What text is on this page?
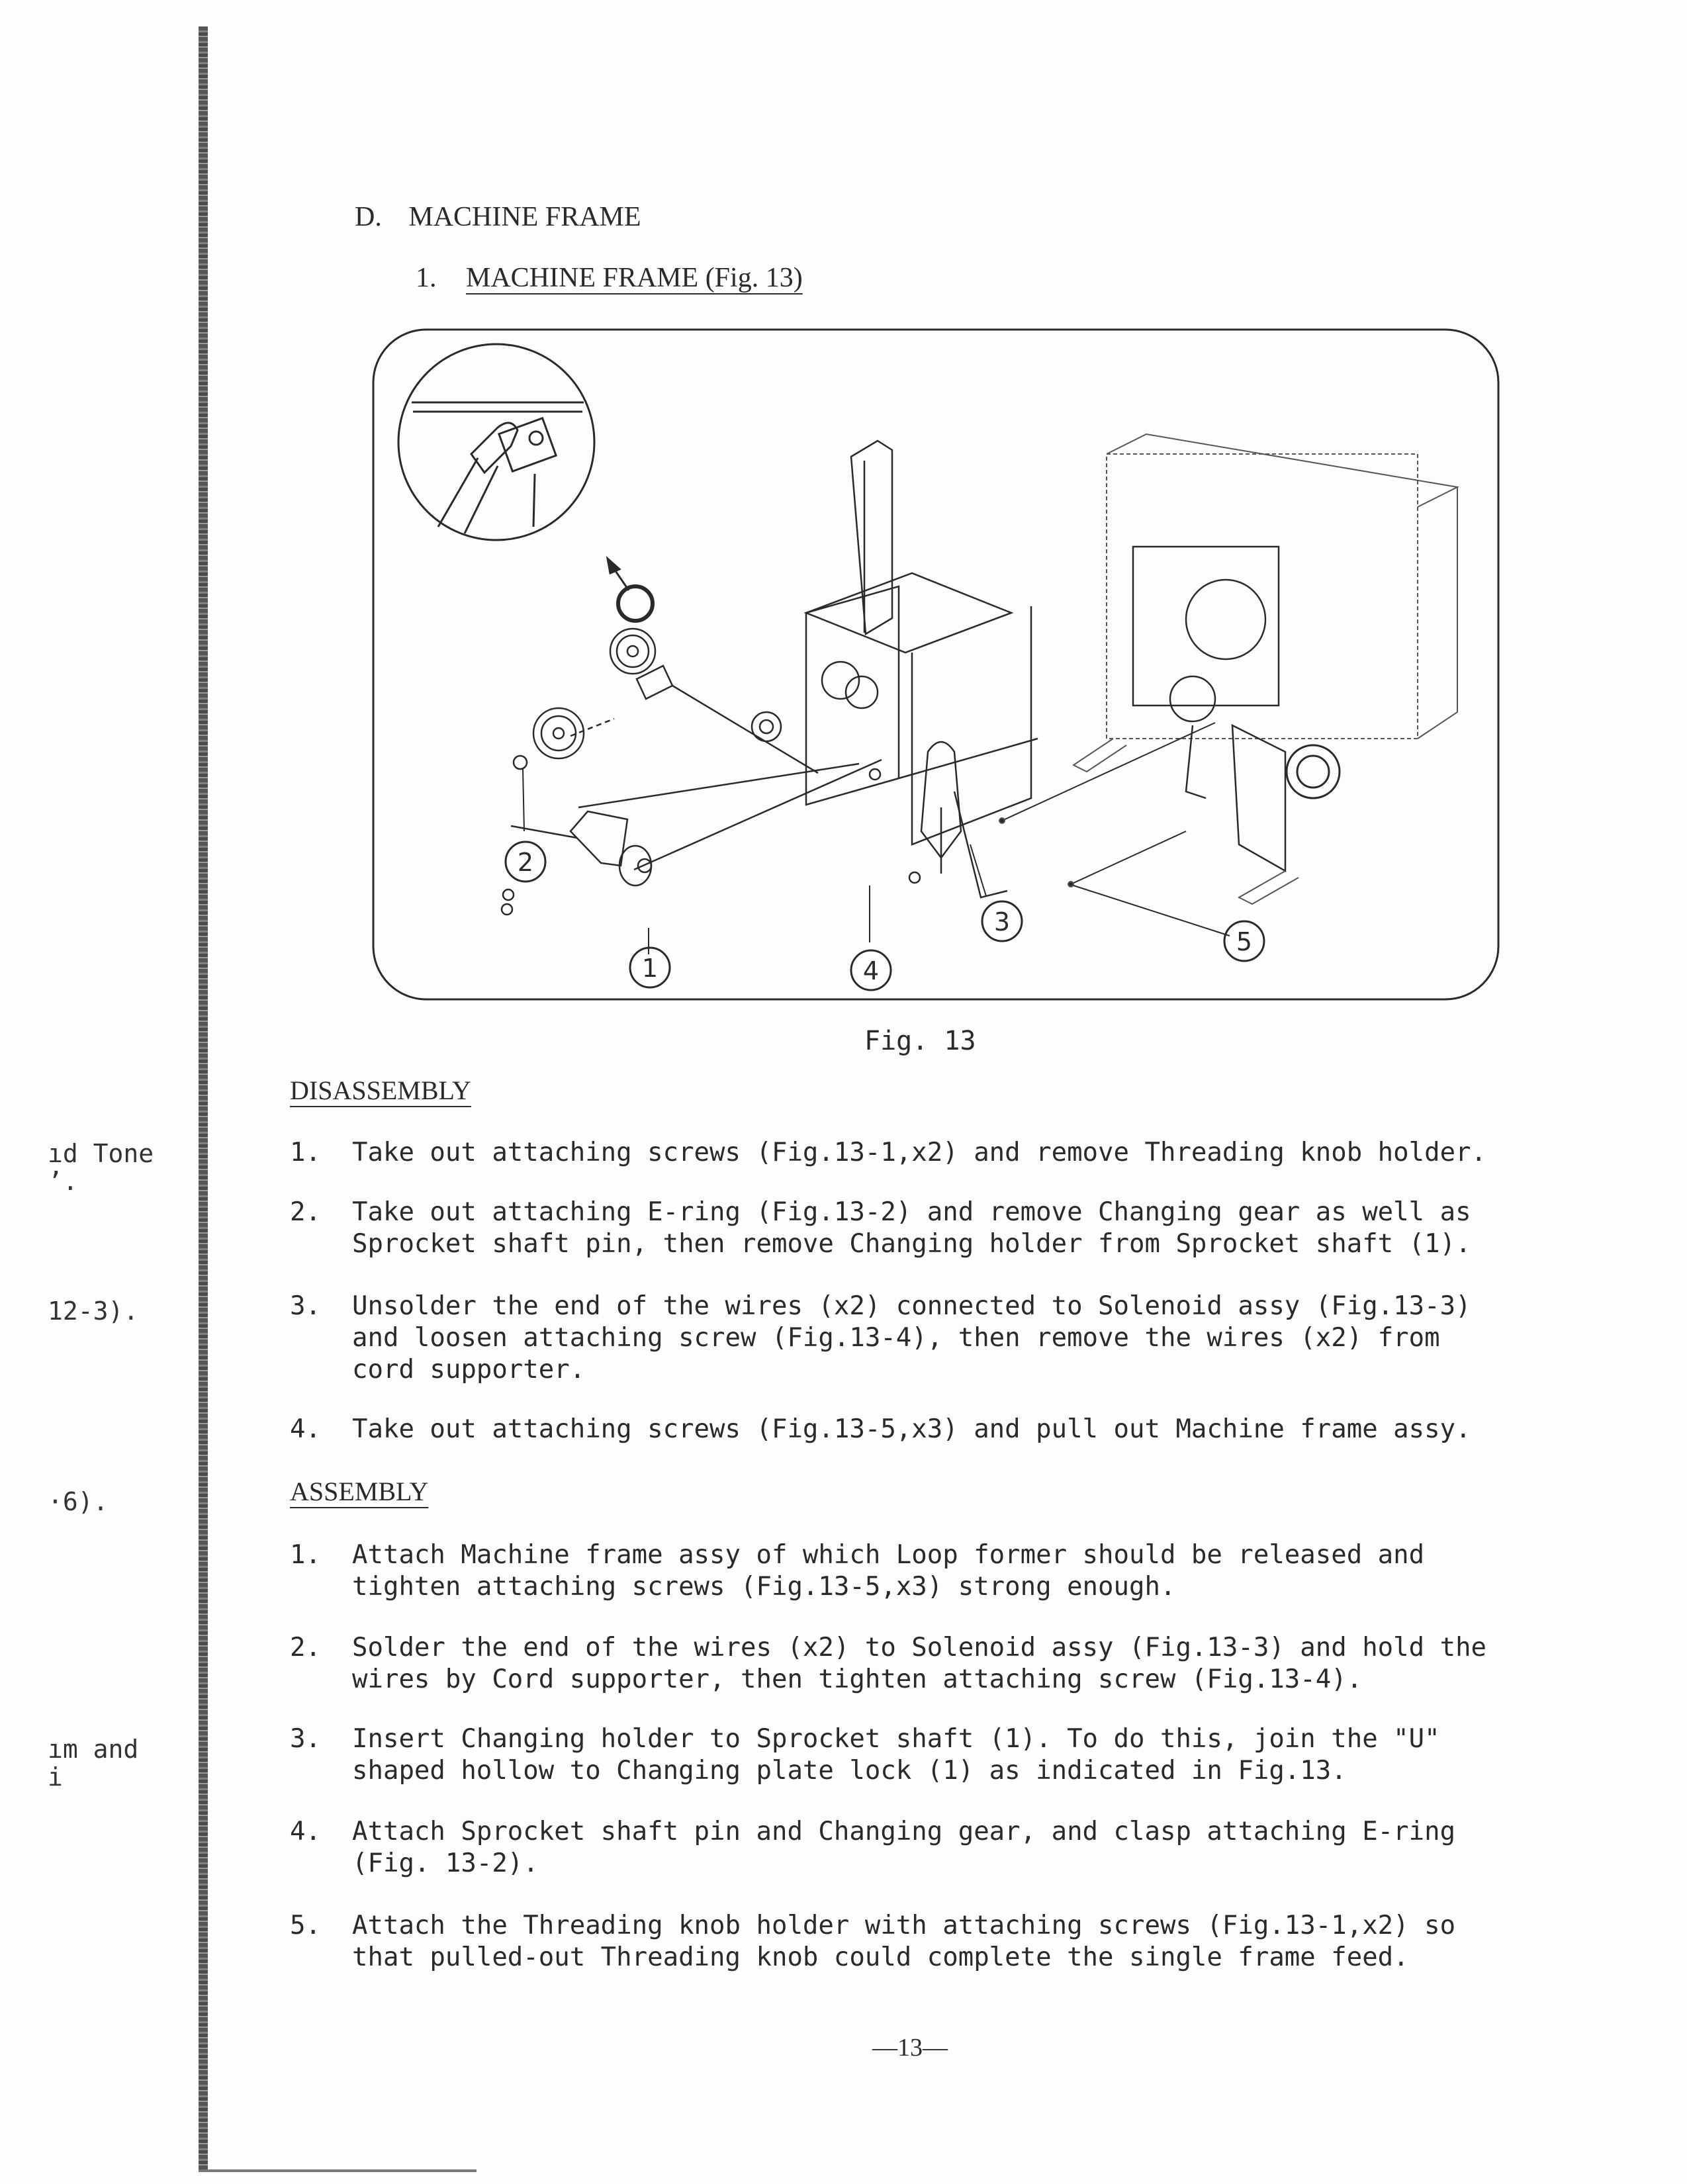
ıd Tone
ʼ.
12-3).
·6).
ım and
i
D. MACHINE FRAME
1. MACHINE FRAME (Fig. 13)
1
2
3
4
5
Fig. 13
DISASSEMBLY
1. Take out attaching screws (Fig.13-1,x2) and remove Threading knob holder.
2. Take out attaching E-ring (Fig.13-2) and remove Changing gear as well as
Sprocket shaft pin, then remove Changing holder from Sprocket shaft (1).
3. Unsolder the end of the wires (x2) connected to Solenoid assy (Fig.13-3)
and loosen attaching screw (Fig.13-4), then remove the wires (x2) from
cord supporter.
4. Take out attaching screws (Fig.13-5,x3) and pull out Machine frame assy.
ASSEMBLY
1. Attach Machine frame assy of which Loop former should be released and
tighten attaching screws (Fig.13-5,x3) strong enough.
2. Solder the end of the wires (x2) to Solenoid assy (Fig.13-3) and hold the
wires by Cord supporter, then tighten attaching screw (Fig.13-4).
3. Insert Changing holder to Sprocket shaft (1). To do this, join the "U"
shaped hollow to Changing plate lock (1) as indicated in Fig.13.
4. Attach Sprocket shaft pin and Changing gear, and clasp attaching E-ring
(Fig. 13-2).
5. Attach the Threading knob holder with attaching screws (Fig.13-1,x2) so
that pulled-out Threading knob could complete the single frame feed.
—13—
